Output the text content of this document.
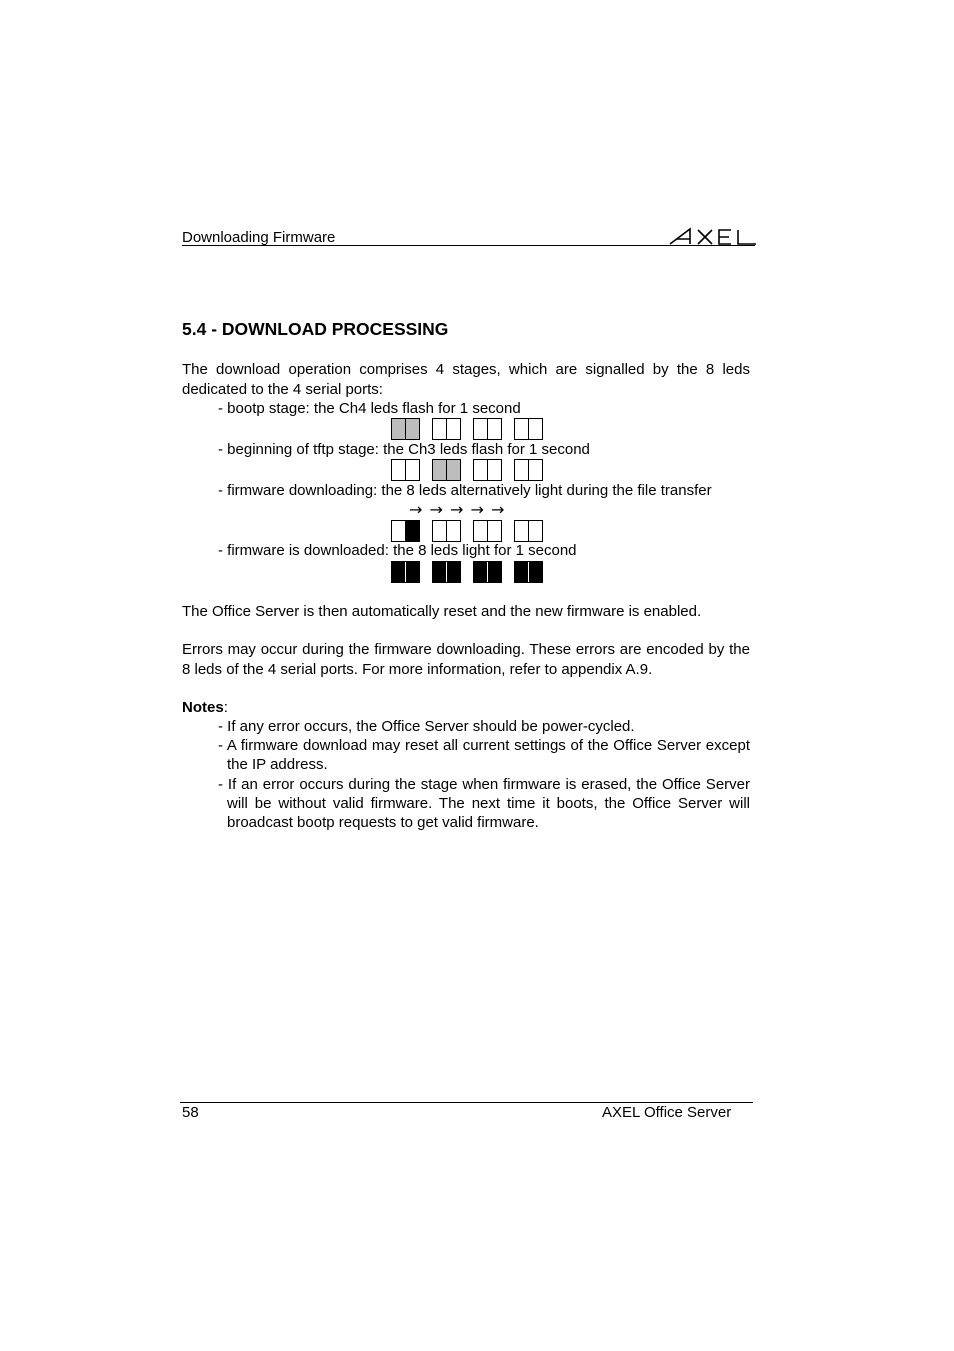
Downloading Firmware
5.4 - DOWNLOAD PROCESSING
The download operation comprises 4 stages, which are signalled by the 8 leds dedicated to the 4 serial ports:
- bootp stage: the Ch4 leds flash for 1 second
- beginning of tftp stage: the Ch3 leds flash for 1 second
- firmware downloading: the 8 leds alternatively light during the file transfer
→ → → → →
- firmware is downloaded: the 8 leds light for 1 second
The Office Server is then automatically reset and the new firmware is enabled.
Errors may occur during the firmware downloading. These errors are encoded by the 8 leds of the 4 serial ports. For more information, refer to appendix A.9.
Notes:
- If any error occurs, the Office Server should be power-cycled.
- A firmware download may reset all current settings of the Office Server except the IP address.
- If an error occurs during the stage when firmware is erased, the Office Server will be without valid firmware. The next time it boots, the Office Server will broadcast bootp requests to get valid firmware.
58	AXEL Office Server
